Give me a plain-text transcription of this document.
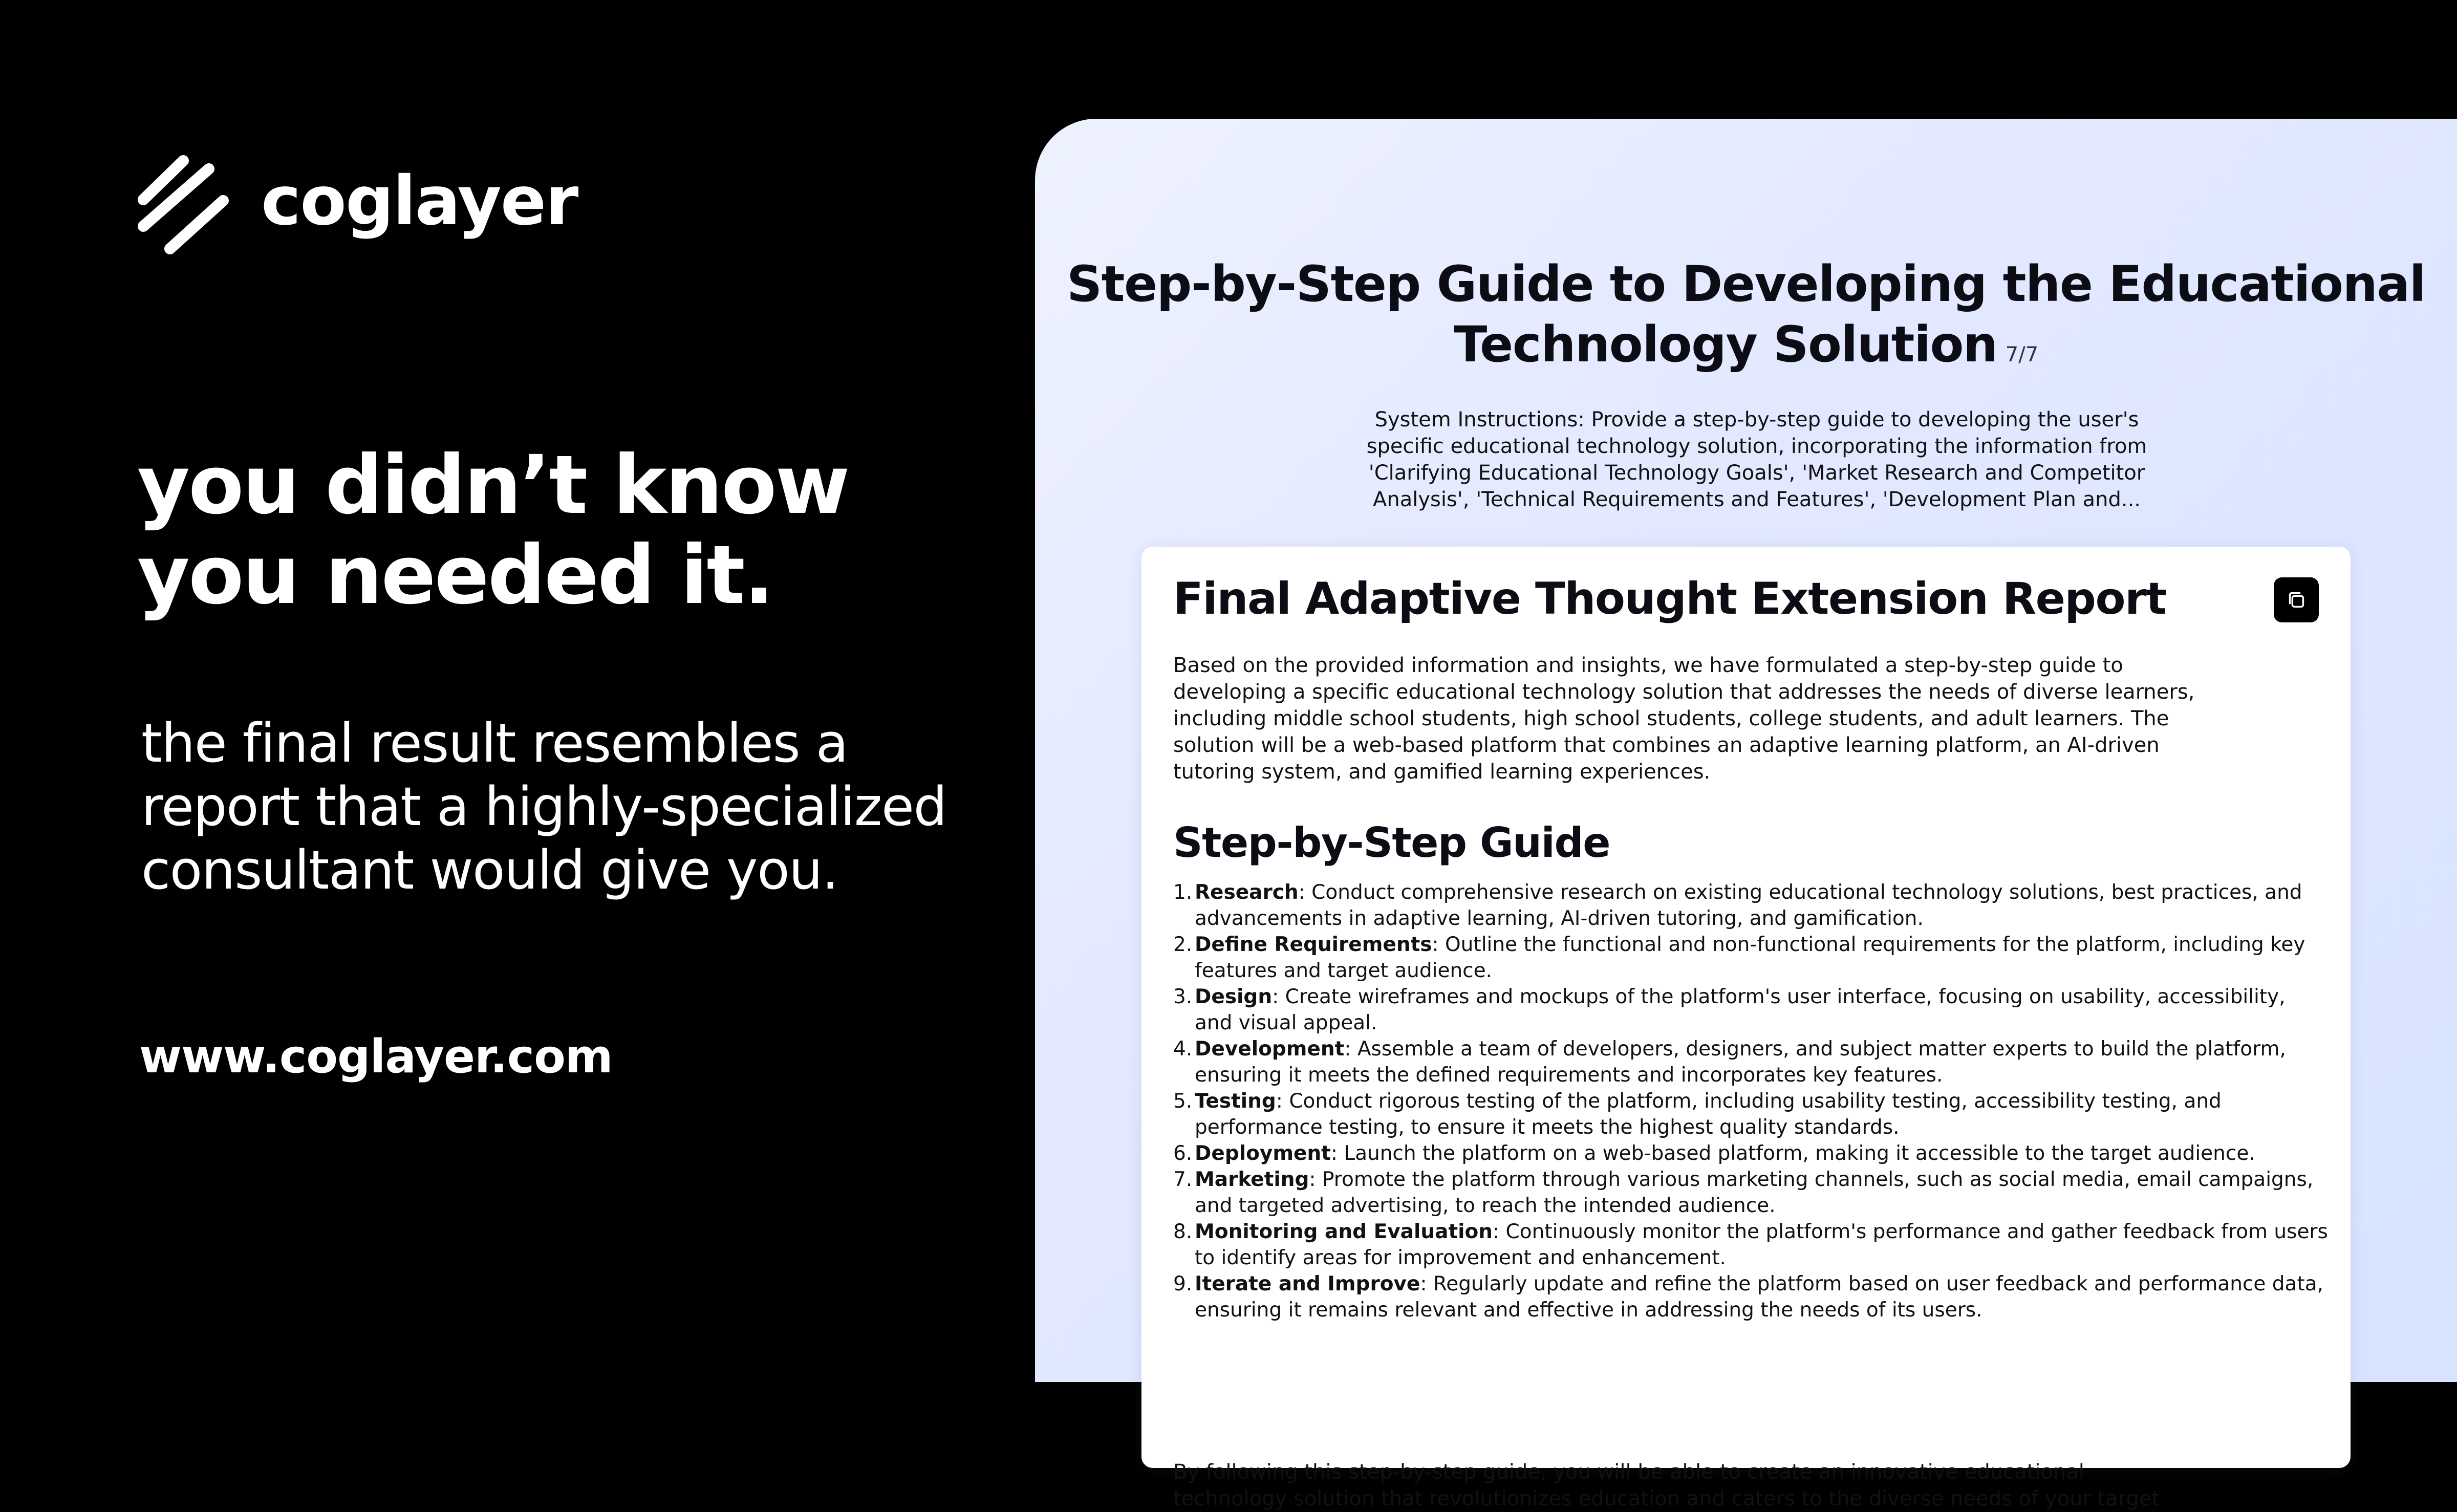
coglayer
you didn’t know
you needed it.
the final result resembles a
report that a highly-specialized
consultant would give you.
www.coglayer.com
Step-by-Step Guide to Developing the Educational
Technology Solution 7/7
System Instructions: Provide a step-by-step guide to developing the user's
specific educational technology solution, incorporating the information from
'Clarifying Educational Technology Goals', 'Market Research and Competitor
Analysis', 'Technical Requirements and Features', 'Development Plan and...
Final Adaptive Thought Extension Report
Based on the provided information and insights, we have formulated a step-by-step guide to
developing a specific educational technology solution that addresses the needs of diverse learners,
including middle school students, high school students, college students, and adult learners. The
solution will be a web-based platform that combines an adaptive learning platform, an AI-driven
tutoring system, and gamified learning experiences.
Step-by-Step Guide
1. Research: Conduct comprehensive research on existing educational technology solutions, best practices, and
advancements in adaptive learning, AI-driven tutoring, and gamification.
2. Define Requirements: Outline the functional and non-functional requirements for the platform, including key
features and target audience.
3. Design: Create wireframes and mockups of the platform's user interface, focusing on usability, accessibility,
and visual appeal.
4. Development: Assemble a team of developers, designers, and subject matter experts to build the platform,
ensuring it meets the defined requirements and incorporates key features.
5. Testing: Conduct rigorous testing of the platform, including usability testing, accessibility testing, and
performance testing, to ensure it meets the highest quality standards.
6. Deployment: Launch the platform on a web-based platform, making it accessible to the target audience.
7. Marketing: Promote the platform through various marketing channels, such as social media, email campaigns,
and targeted advertising, to reach the intended audience.
8. Monitoring and Evaluation: Continuously monitor the platform's performance and gather feedback from users
to identify areas for improvement and enhancement.
9. Iterate and Improve: Regularly update and refine the platform based on user feedback and performance data,
ensuring it remains relevant and effective in addressing the needs of its users.
By following this step-by-step guide, you will be able to create an innovative educational
technology solution that revolutionizes education and caters to the diverse needs of your target
